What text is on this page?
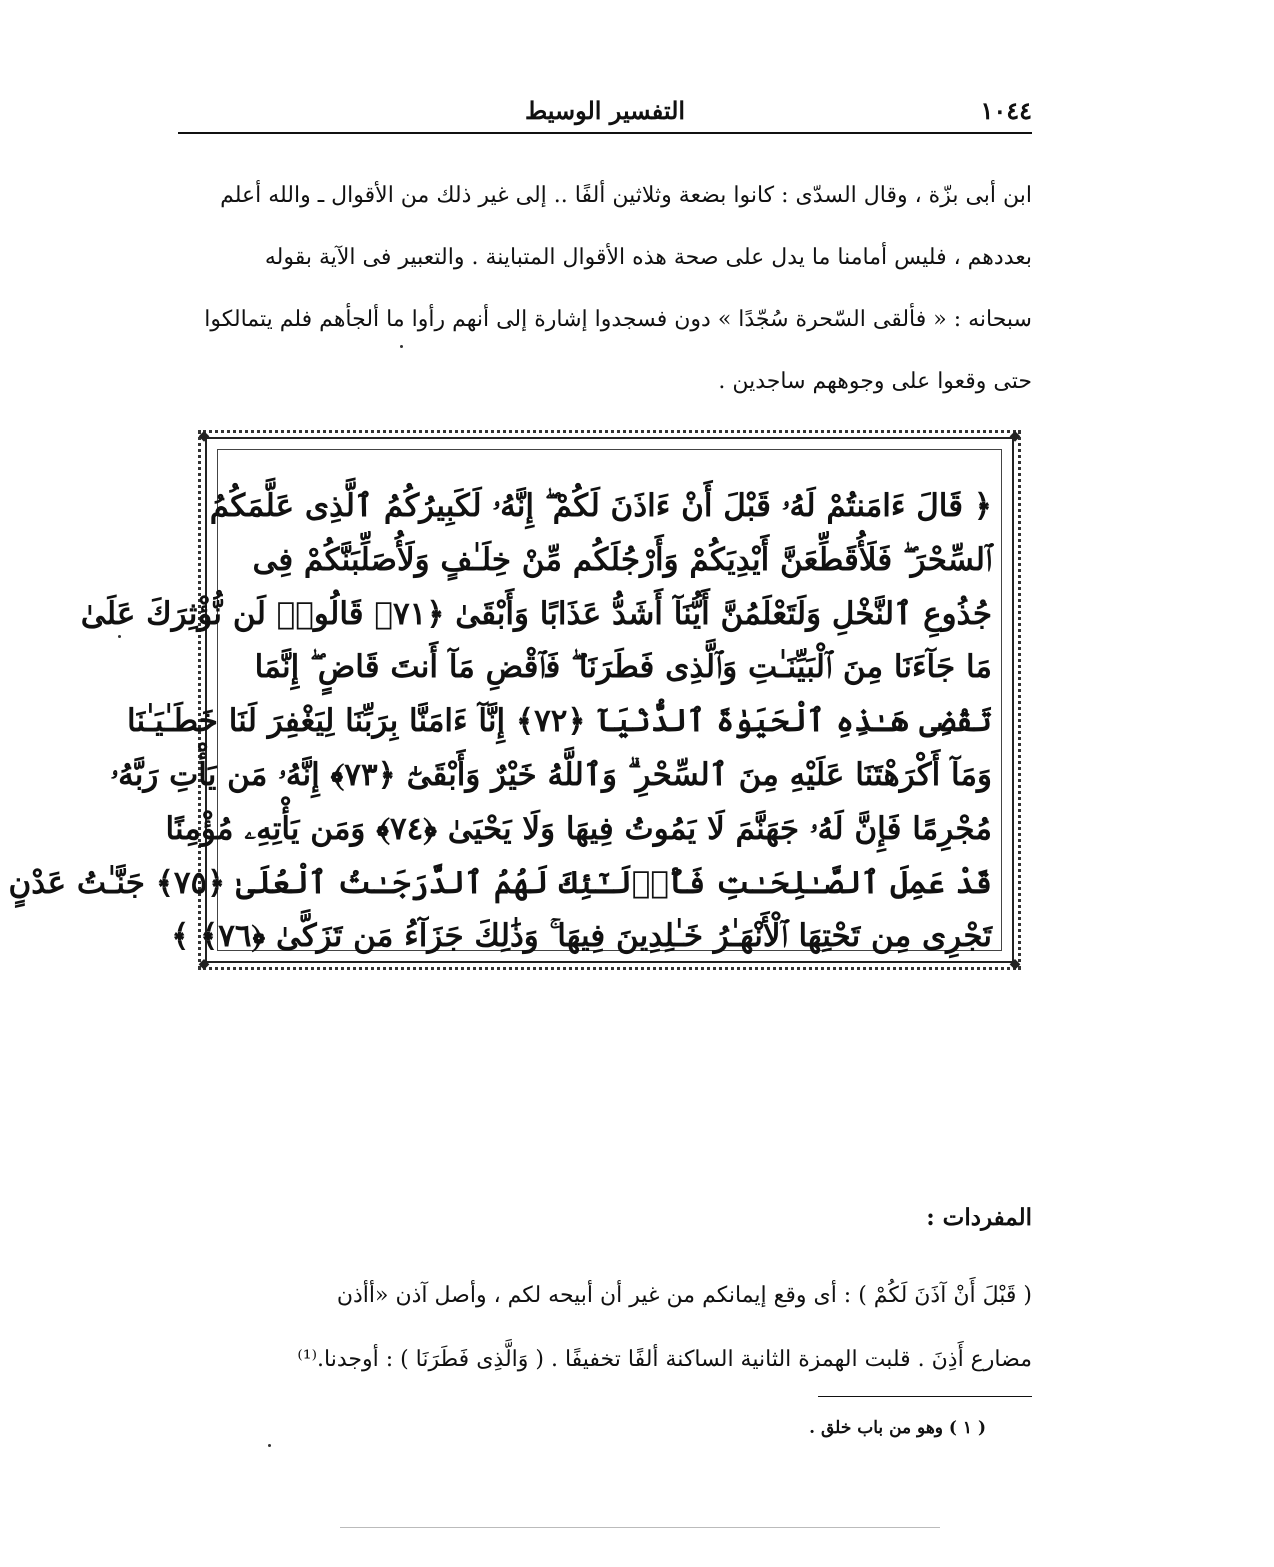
١٠٤٤
التفسير الوسيط

ابن أبى بزّة ، وقال السدّى : كانوا بضعة وثلاثين ألفًا .. إلى غير ذلك من الأقوال ـ والله أعلم

بعددهم ، فليس أمامنا ما يدل على صحة هذه الأقوال المتباينة . والتعبير فى الآية بقوله

سبحانه : « فألقى السّحرة سُجّدًا » دون فسجدوا إشارة إلى أنهم رأوا ما ألجأهم فلم يتمالكوا

حتى وقعوا على وجوههم ساجدين .

◆	◆
◆	◆
﴿ قَالَ ءَامَنتُمْ لَهُۥ قَبْلَ أَنْ ءَاذَنَ لَكُمْ ۖ إِنَّهُۥ لَكَبِيرُكُمُ ٱلَّذِى عَلَّمَكُمُ
ٱلسِّحْرَ ۖ فَلَأُقَطِّعَنَّ أَيْدِيَكُمْ وَأَرْجُلَكُم مِّنْ خِلَـٰفٍ وَلَأُصَلِّبَنَّكُمْ فِى
جُذُوعِ ٱلنَّخْلِ وَلَتَعْلَمُنَّ أَيُّنَآ أَشَدُّ عَذَابًا وَأَبْقَىٰ ﴿٧١﴾ قَالُوا۟ لَن نُّؤْثِرَكَ عَلَىٰ
مَا جَآءَنَا مِنَ ٱلْبَيِّنَـٰتِ وَٱلَّذِى فَطَرَنَا ۖ فَٱقْضِ مَآ أَنتَ قَاضٍ ۖ إِنَّمَا
تَقْضِى هَـٰذِهِ ٱلْحَيَوٰةَ ٱلدُّنْيَآ ﴿٧٢﴾ إِنَّآ ءَامَنَّا بِرَبِّنَا لِيَغْفِرَ لَنَا خَطَـٰيَـٰنَا
وَمَآ أَكْرَهْتَنَا عَلَيْهِ مِنَ ٱلسِّحْرِ ۗ وَٱللَّهُ خَيْرٌ وَأَبْقَىٰٓ ﴿٧٣﴾ إِنَّهُۥ مَن يَأْتِ رَبَّهُۥ
مُجْرِمًا فَإِنَّ لَهُۥ جَهَنَّمَ لَا يَمُوتُ فِيهَا وَلَا يَحْيَىٰ ﴿٧٤﴾ وَمَن يَأْتِهِۦ مُؤْمِنًا
قَدْ عَمِلَ ٱلصَّـٰلِحَـٰتِ فَأُو۟لَـٰٓئِكَ لَهُمُ ٱلدَّرَجَـٰتُ ٱلْعُلَىٰ ﴿٧٥﴾ جَنَّـٰتُ عَدْنٍ
تَجْرِى مِن تَحْتِهَا ٱلْأَنْهَـٰرُ خَـٰلِدِينَ فِيهَا ۚ وَذَٰلِكَ جَزَآءُ مَن تَزَكَّىٰ ﴿٧٦﴾ ﴾
المفردات :

( قَبْلَ أَنْ آذَنَ لَكُمْ ) : أى وقع إيمانكم من غير أن أبيحه لكم ، وأصل آذن «أأذن

مضارع أَذِنَ . قلبت الهمزة الثانية الساكنة ألفًا تخفيفًا . ( وَالَّذِى فَطَرَنَا ) : أوجدنا.⁽¹⁾

( ١ ) وهو من باب خلق .
